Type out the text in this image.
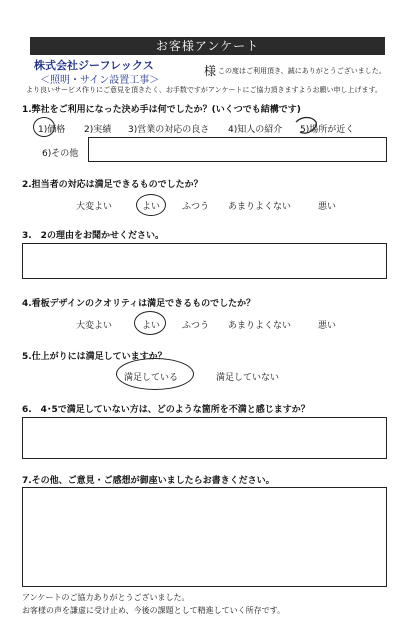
お客様アンケート
株式会社ジーフレックス
＜照明・サイン設置工事＞
様 この度はご利用頂き、誠にありがとうございました。
より良いサービス作りにご意見を頂きたく、お手数ですがアンケートにご協力頂きますようお願い申し上げます。
1.弊社をご利用になった決め手は何でしたか？(いくつでも結構です)
1)価格 2)実績 3)営業の対応の良さ 4)知人の紹介 5)場所が近く
6)その他
2.担当者の対応は満足できるものでしたか？
大変よい	よい ふつう あまりよくない	悪い
3.　2の理由をお聞かせください。
4.看板デザインのクオリティは満足できるものでしたか？
大変よい	よい ふつう あまりよくない	悪い
5.仕上がりには満足していますか？
満足している	満足していない
6.　4･5で満足していない方は、どのような箇所を不満と感じますか？
7.その他、ご意見・ご感想が御座いましたらお書きください。
アンケートのご協力ありがとうございました。
お客様の声を謙虚に受け止め、今後の課題として精進していく所存です。
